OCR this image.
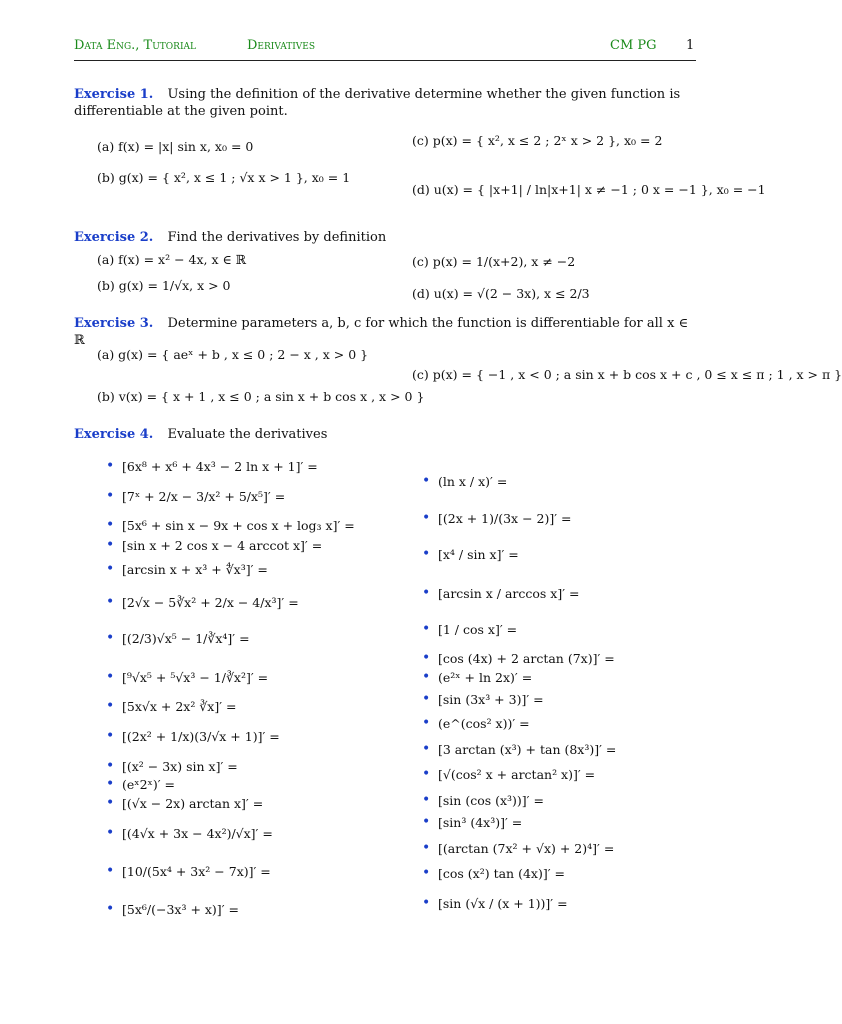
Data Eng., Tutorial	Derivatives	CM PG 1
Exercise 1. Using the definition of the derivative determine whether the given function is differentiable at the given point.
(a) f(x) = |x| sin x, x₀ = 0
(b) g(x) = { x², x ≤ 1 ; √x x > 1 }, x₀ = 1
(c) p(x) = { x², x ≤ 2 ; 2ˣ x > 2 }, x₀ = 2
(d) u(x) = { |x+1| / ln|x+1| x ≠ −1 ; 0 x = −1 }, x₀ = −1
Exercise 2. Find the derivatives by definition
(a) f(x) = x² − 4x, x ∈ ℝ
(b) g(x) = 1/√x, x > 0
(c) p(x) = 1/(x+2), x ≠ −2
(d) u(x) = √(2 − 3x), x ≤ 2/3
Exercise 3. Determine parameters a, b, c for which the function is differentiable for all x ∈ ℝ
(a) g(x) = { aeˣ + b , x ≤ 0 ; 2 − x , x > 0 }
(b) v(x) = { x + 1 , x ≤ 0 ; a sin x + b cos x , x > 0 }
(c) p(x) = { −1 , x < 0 ; a sin x + b cos x + c , 0 ≤ x ≤ π ; 1 , x > π }
Exercise 4. Evaluate the derivatives
• [6x⁸ + x⁶ + 4x³ − 2 ln x + 1]′ =
• [7ˣ + 2/x − 3/x² + 5/x⁵]′ =
• [5x⁶ + sin x − 9x + cos x + log₃ x]′ =
• [sin x + 2 cos x − 4 arccot x]′ =
• [arcsin x + x³ + ∜x³]′ =
• [2√x − 5∛x² + 2/x − 4/x³]′ =
• [(2/3)√x⁵ − 1/∛x⁴]′ =
• [⁹√x⁵ + ⁵√x³ − 1/∛x²]′ =
• [5x√x + 2x² ∛x]′ =
• [(2x² + 1/x)(3/√x + 1)]′ =
• [(x² − 3x) sin x]′ =
• (eˣ2ˣ)′ =
• [(√x − 2x) arctan x]′ =
• [(4√x + 3x − 4x²)/√x]′ =
• [10/(5x⁴ + 3x² − 7x)]′ =
• [5x⁶/(−3x³ + x)]′ =
• (ln x / x)′ =
• [(2x + 1)/(3x − 2)]′ =
• [x⁴ / sin x]′ =
• [arcsin x / arccos x]′ =
• [1 / cos x]′ =
• [cos (4x) + 2 arctan (7x)]′ =
• (e²ˣ + ln 2x)′ =
• [sin (3x³ + 3)]′ =
• (e^(cos² x))′ =
• [3 arctan (x³) + tan (8x³)]′ =
• [√(cos² x + arctan² x)]′ =
• [sin (cos (x³))]′ =
• [sin³ (4x³)]′ =
• [(arctan (7x² + √x) + 2)⁴]′ =
• [cos (x²) tan (4x)]′ =
• [sin (√x / (x + 1))]′ =
